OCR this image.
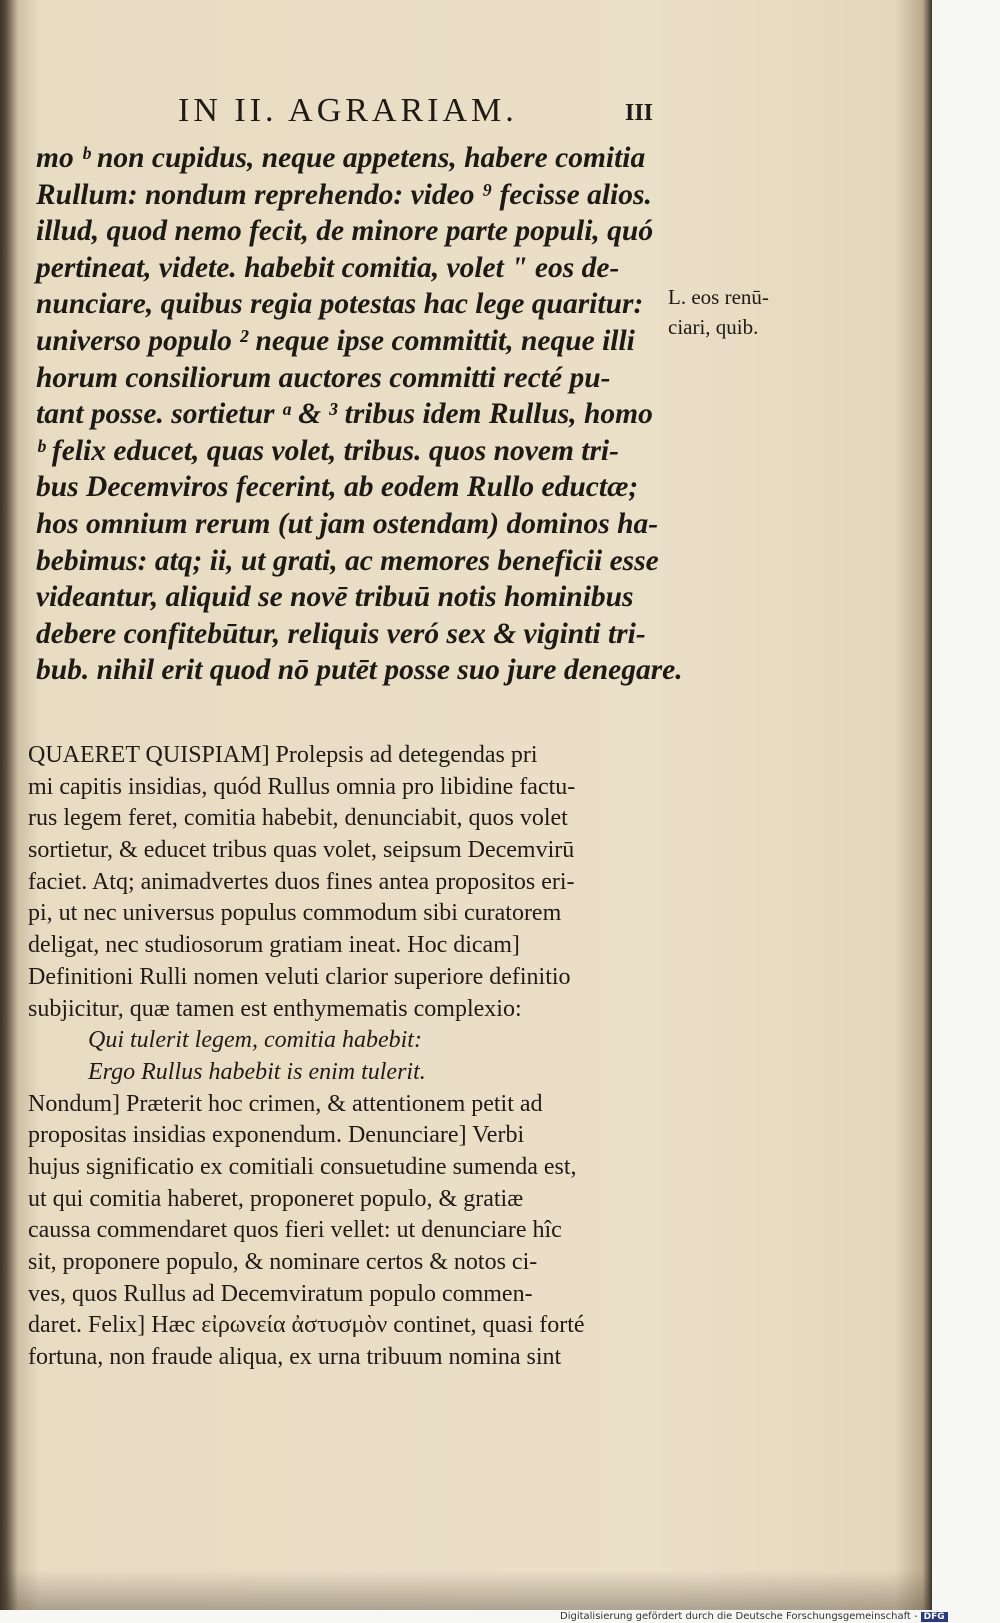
IN II. AGRARIAM.	III
mo ᵇ non cupidus, neque appetens, habere comitia
Rullum: nondum reprehendo: video ⁹ fecisse alios.
illud, quod nemo fecit, de minore parte populi, quó
pertineat, videte. habebit comitia, volet ʺ eos de-
nunciare, quibus regia potestas hac lege quaritur:
universo populo ² neque ipse committit, neque illi
horum consiliorum auctores committi recté pu-
tant posse. sortietur ᵃ & ³ tribus idem Rullus, homo
ᵇ felix educet, quas volet, tribus. quos novem tri-
bus Decemviros fecerint, ab eodem Rullo eductæ;
hos omnium rerum (ut jam ostendam) dominos ha-
bebimus: atq; ii, ut grati, ac memores beneficii esse
videantur, aliquid se novē tribuū notis hominibus
debere confitebūtur, reliquis veró sex & viginti tri-
bub. nihil erit quod nō putēt posse suo jure denegare.
L. eos renū-
ciari, quib.
QUAERET QUISPIAM] Prolepsis ad detegendas pri
mi capitis insidias, quód Rullus omnia pro libidine factu-
rus legem feret, comitia habebit, denunciabit, quos volet
sortietur, & educet tribus quas volet, seipsum Decemvirū
faciet. Atq; animadvertes duos fines antea propositos eri-
pi, ut nec universus populus commodum sibi curatorem
deligat, nec studiosorum gratiam ineat. Hoc dicam]
Definitioni Rulli nomen veluti clarior superiore definitio
subjicitur, quæ tamen est enthymematis complexio:
Qui tulerit legem, comitia habebit:
Ergo Rullus habebit is enim tulerit.
Nondum] Præterit hoc crimen, & attentionem petit ad
propositas insidias exponendum. Denunciare] Verbi
hujus significatio ex comitiali consuetudine sumenda est,
ut qui comitia haberet, proponeret populo, & gratiæ
caussa commendaret quos fieri vellet: ut denunciare hîc
sit, proponere populo, & nominare certos & notos ci-
ves, quos Rullus ad Decemviratum populo commen-
daret. Felix] Hæc εἰρωνεία ἀστυσμὸν continet, quasi forté
fortuna, non fraude aliqua, ex urna tribuum nomina sint
Digitalisierung gefördert durch die Deutsche Forschungsgemeinschaft - DFG
